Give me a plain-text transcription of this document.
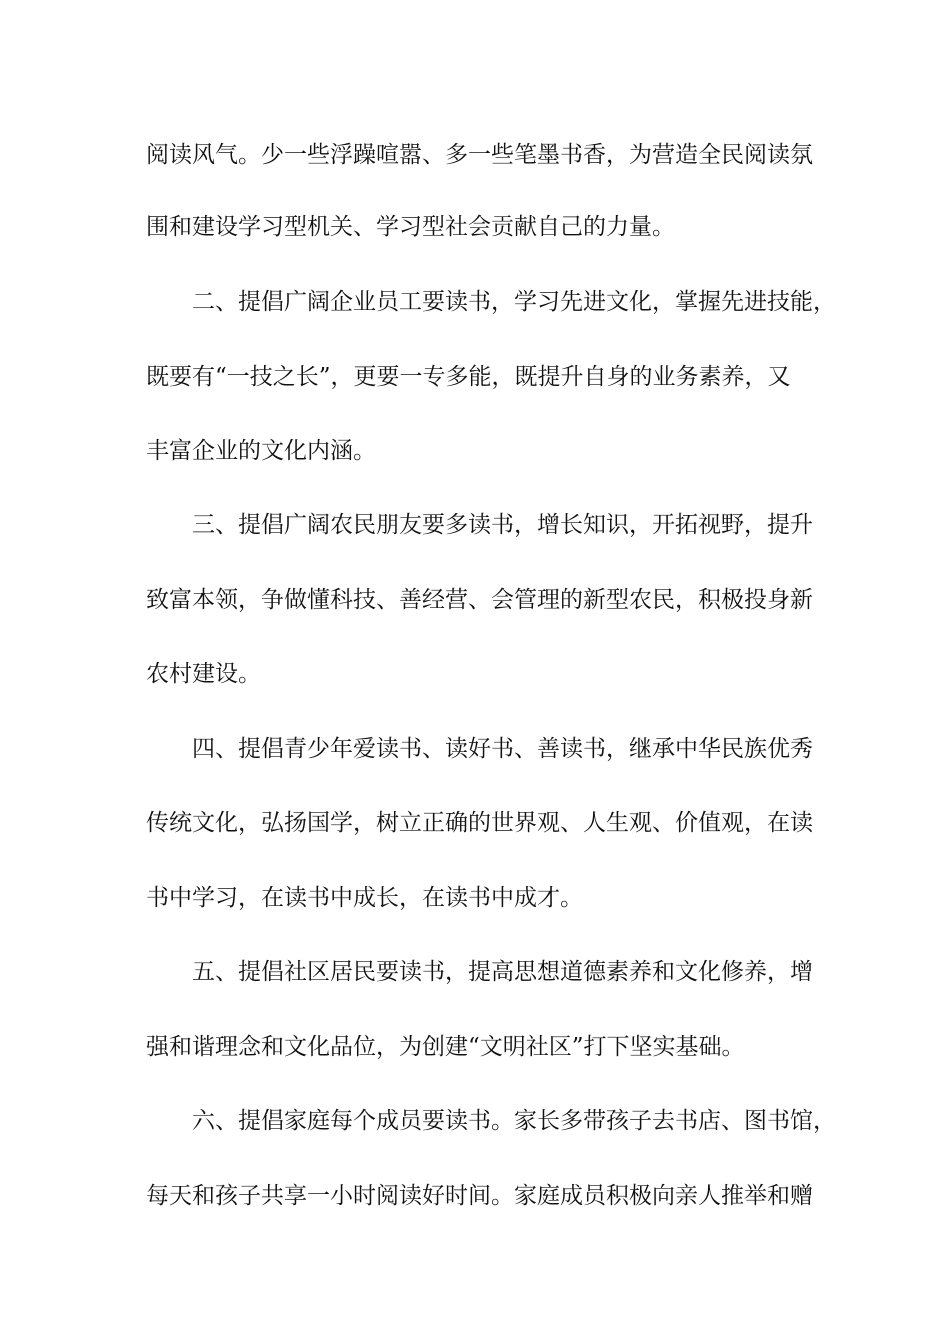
阅读风气。少一些浮躁喧嚣、多一些笔墨书香，为营造全民阅读氛
围和建设学习型机关、学习型社会贡献自己的力量。
二、提倡广阔企业员工要读书，学习先进文化，掌握先进技能，
既要有“一技之长”，更要一专多能，既提升自身的业务素养，又
丰富企业的文化内涵。
三、提倡广阔农民朋友要多读书，增长知识，开拓视野，提升
致富本领，争做懂科技、善经营、会管理的新型农民，积极投身新
农村建设。
四、提倡青少年爱读书、读好书、善读书，继承中华民族优秀
传统文化，弘扬国学，树立正确的世界观、人生观、价值观，在读
书中学习，在读书中成长，在读书中成才。
五、提倡社区居民要读书，提高思想道德素养和文化修养，增
强和谐理念和文化品位，为创建“文明社区”打下坚实基础。
六、提倡家庭每个成员要读书。家长多带孩子去书店、图书馆，
每天和孩子共享一小时阅读好时间。家庭成员积极向亲人推举和赠
